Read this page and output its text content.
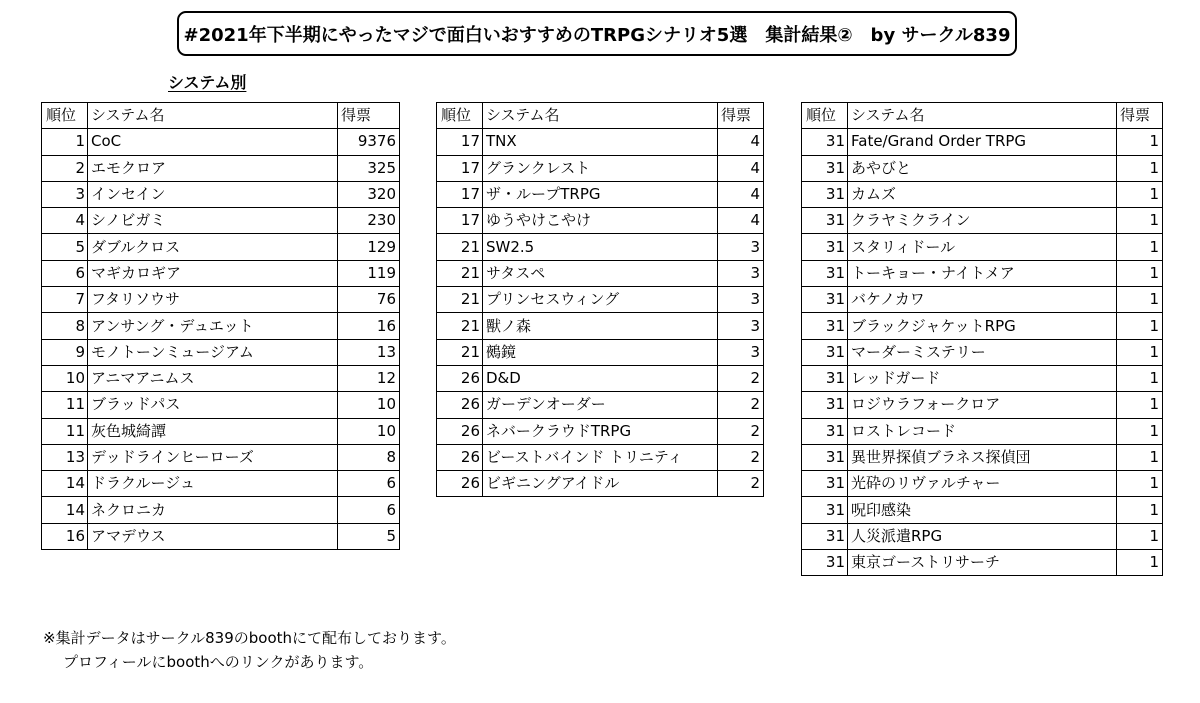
#2021年下半期にやったマジで面白いおすすめのTRPGシナリオ5選　集計結果②　by サークル839
システム別
順位	システム名	得票
1	CoC	9376
2	エモクロア	325
3	インセイン	320
4	シノビガミ	230
5	ダブルクロス	129
6	マギカロギア	119
7	フタリソウサ	76
8	アンサング・デュエット	16
9	モノトーンミュージアム	13
10	アニマアニムス	12
11	ブラッドパス	10
11	灰色城綺譚	10
13	デッドラインヒーローズ	8
14	ドラクルージュ	6
14	ネクロニカ	6
16	アマデウス	5
順位	システム名	得票
17	TNX	4
17	グランクレスト	4
17	ザ・ループTRPG	4
17	ゆうやけこやけ	4
21	SW2.5	3
21	サタスペ	3
21	プリンセスウィング	3
21	獸ノ森	3
21	鵺鏡	3
26	D&D	2
26	ガーデンオーダー	2
26	ネバークラウドTRPG	2
26	ビーストバインド トリニティ	2
26	ビギニングアイドル	2
順位	システム名	得票
31	Fate/Grand Order TRPG	1
31	あやびと	1
31	カムズ	1
31	クラヤミクライン	1
31	スタリィドール	1
31	トーキョー・ナイトメア	1
31	バケノカワ	1
31	ブラックジャケットRPG	1
31	マーダーミステリー	1
31	レッドガード	1
31	ロジウラフォークロア	1
31	ロストレコード	1
31	異世界探偵ブラネス探偵団	1
31	光砕のリヴァルチャー	1
31	呪印感染	1
31	人災派遣RPG	1
31	東京ゴーストリサーチ	1
※集計データはサークル839のboothにて配布しております。
プロフィールにboothへのリンクがあります。
